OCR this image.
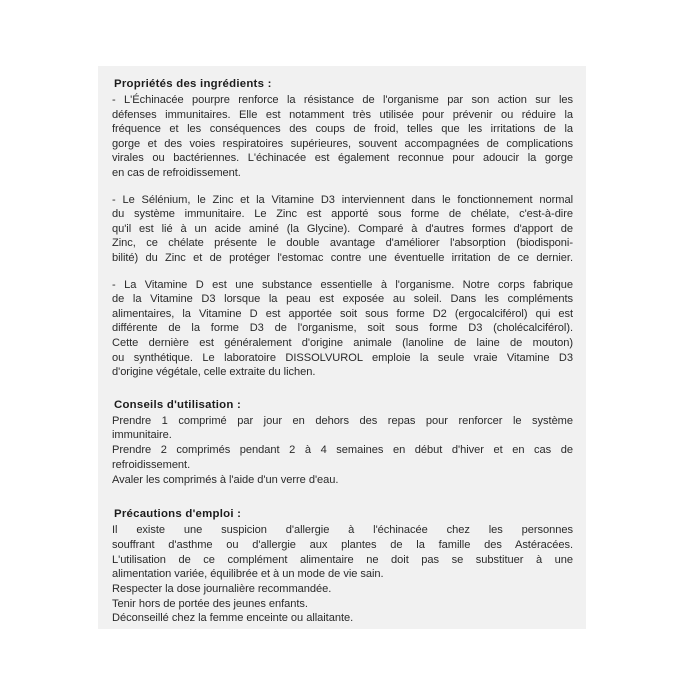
Propriétés des ingrédients :

- L'Échinacée pourpre renforce la résistance de l'organisme par son action sur les
défenses immunitaires. Elle est notamment très utilisée pour prévenir ou réduire la
fréquence et les conséquences des coups de froid, telles que les irritations de la
gorge et des voies respiratoires supérieures, souvent accompagnées de complications
virales ou bactériennes. L'échinacée est également reconnue pour adoucir la gorge
en cas de refroidissement.

- Le Sélénium, le Zinc et la Vitamine D3 interviennent dans le fonctionnement normal
du système immunitaire. Le Zinc est apporté sous forme de chélate, c'est-à-dire
qu'il est lié à un acide aminé (la Glycine). Comparé à d'autres formes d'apport de
Zinc, ce chélate présente le double avantage d'améliorer l'absorption (biodisponi-
bilité) du Zinc et de protéger l'estomac contre une éventuelle irritation de ce dernier.

- La Vitamine D est une substance essentielle à l'organisme. Notre corps fabrique
de la Vitamine D3 lorsque la peau est exposée au soleil. Dans les compléments
alimentaires, la Vitamine D est apportée soit sous forme D2 (ergocalciférol) qui est
différente de la forme D3 de l'organisme, soit sous forme D3 (cholécalciférol).
Cette dernière est généralement d'origine animale (lanoline de laine de mouton)
ou synthétique. Le laboratoire DISSOLVUROL emploie la seule vraie Vitamine D3
d'origine végétale, celle extraite du lichen.

Conseils d'utilisation :

Prendre 1 comprimé par jour en dehors des repas pour renforcer le système
immunitaire.

Prendre 2 comprimés pendant 2 à 4 semaines en début d'hiver et en cas de
refroidissement.

Avaler les comprimés à l'aide d'un verre d'eau.

Précautions d'emploi :

Il existe une suspicion d'allergie à l'échinacée chez les personnes
souffrant d'asthme ou d'allergie aux plantes de la famille des Astéracées.

L'utilisation de ce complément alimentaire ne doit pas se substituer à une
alimentation variée, équilibrée et à un mode de vie sain.

Respecter la dose journalière recommandée.

Tenir hors de portée des jeunes enfants.

Déconseillé chez la femme enceinte ou allaitante.
